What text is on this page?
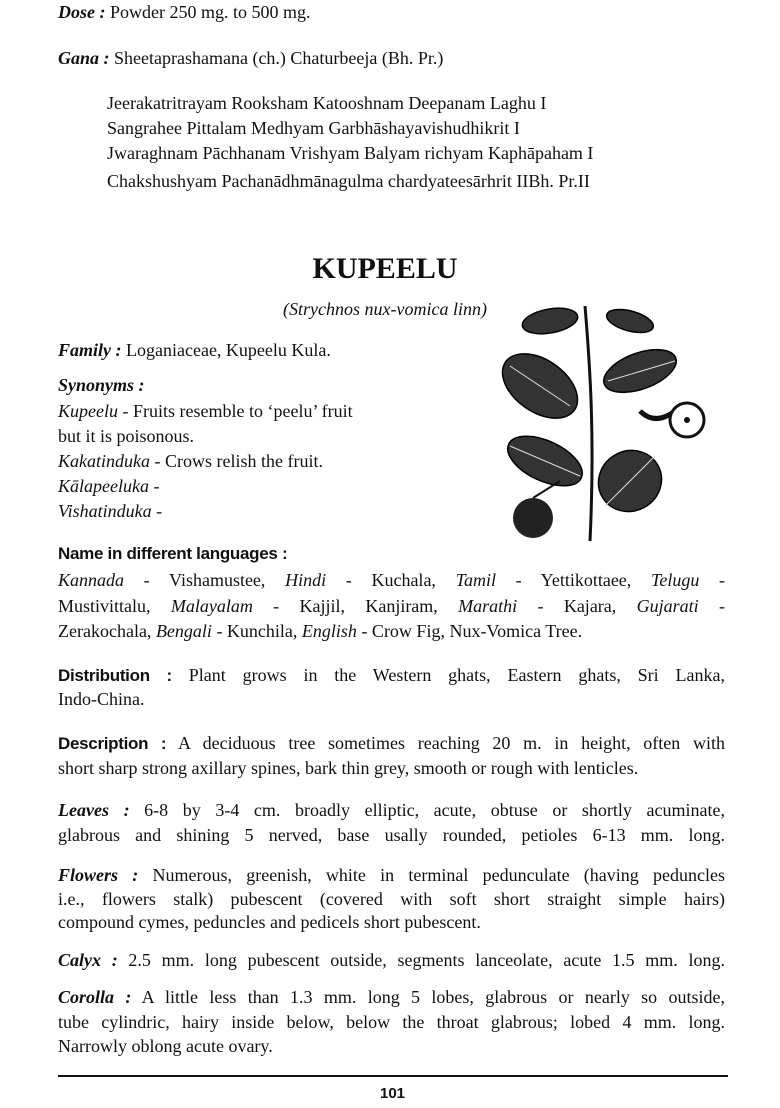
Dose : Powder 250 mg. to 500 mg.
Gana : Sheetaprashamana (ch.) Chaturbeeja (Bh. Pr.)
Jeerakatritrayam Rooksham Katooshnam Deepanam Laghu I
Sangrahee Pittalam Medhyam Garbhāshayavishudhikrit I
Jwaraghnam Pāchhanam Vrishyam Balyam richyam Kaphāpaham I
Chakshushyam Pachanādhmānagulma chardyateesārhrit IIBh. Pr.II
Family : Loganiaceae, Kupeelu Kula.
Synonyms :
Kupeelu - Fruits resemble to ‘peelu’ fruit
but it is poisonous.
Kakatinduka - Crows relish the fruit.
Kālapeeluka -
Vishatinduka -
Name in different languages :
Kannada - Vishamustee, Hindi - Kuchala, Tamil - Yettikottaee, Telugu -
Mustivittalu, Malayalam - Kajjil, Kanjiram, Marathi - Kajara, Gujarati -
Zerakochala, Bengali - Kunchila, English - Crow Fig, Nux-Vomica Tree.
Distribution : Plant grows in the Western ghats, Eastern ghats, Sri Lanka,
Indo-China.
Description : A deciduous tree sometimes reaching 20 m. in height, often with
short sharp strong axillary spines, bark thin grey, smooth or rough with lenticles.
Leaves : 6-8 by 3-4 cm. broadly elliptic, acute, obtuse or shortly acuminate,
glabrous and shining 5 nerved, base usally rounded, petioles 6-13 mm. long.
Flowers : Numerous, greenish, white in terminal pedunculate (having peduncles
i.e., flowers stalk) pubescent (covered with soft short straight simple hairs)
compound cymes, peduncles and pedicels short pubescent.
Calyx : 2.5 mm. long pubescent outside, segments lanceolate, acute 1.5 mm. long.
Corolla : A little less than 1.3 mm. long 5 lobes, glabrous or nearly so outside,
tube cylindric, hairy inside below, below the throat glabrous; lobed 4 mm. long.
Narrowly oblong acute ovary.
KUPEELU
(Strychnos nux-vomica linn)
101
